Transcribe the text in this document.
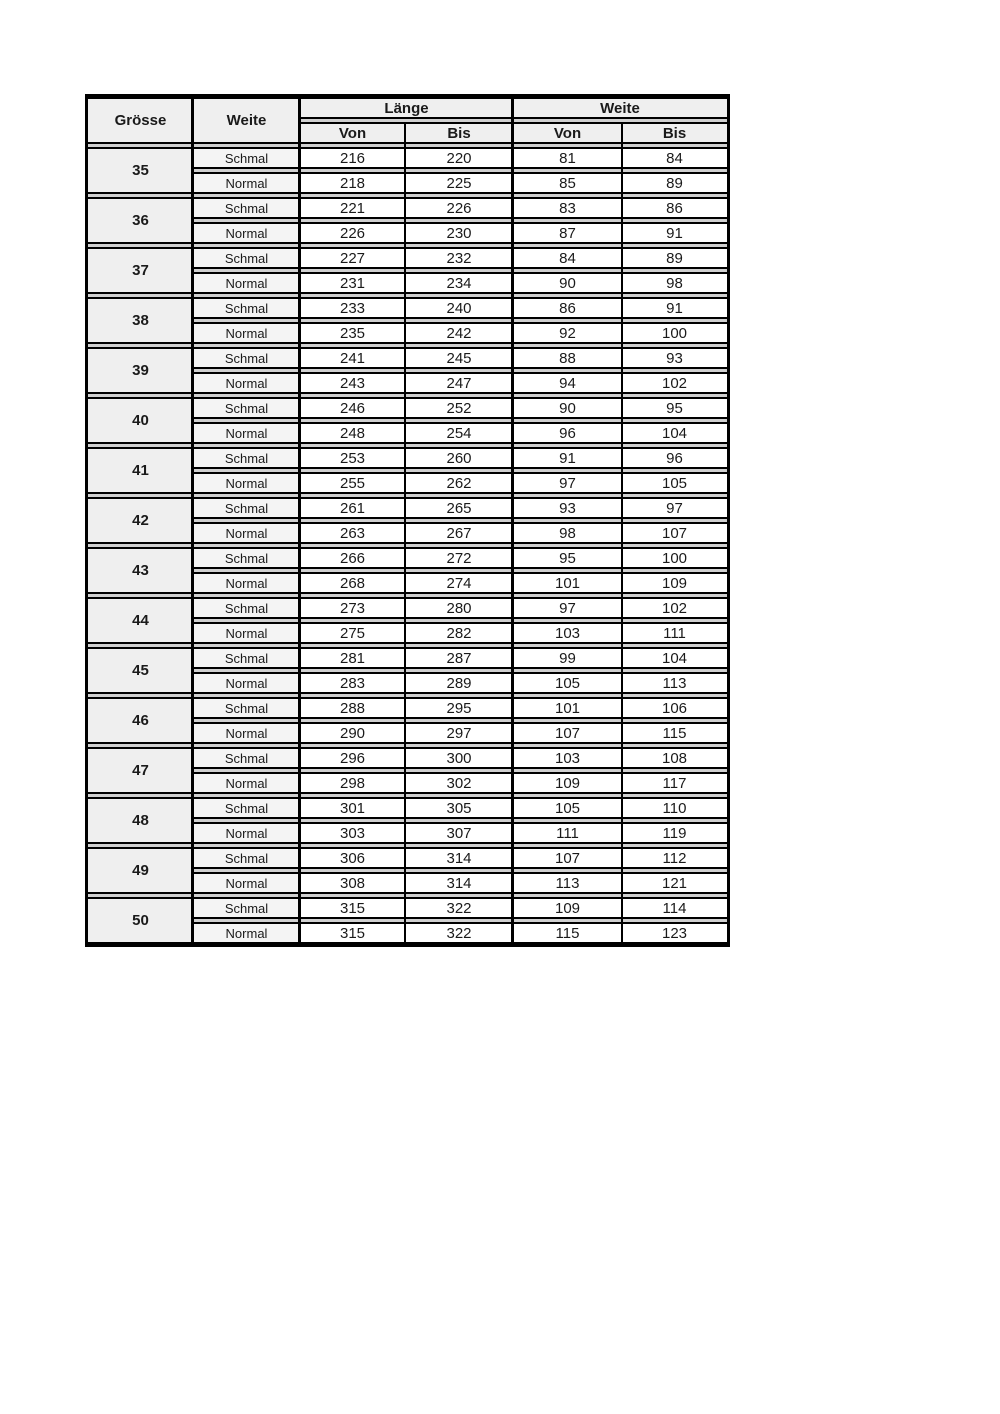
Grösse	Weite
Länge	Weite
Von	Bis	Von	Bis
35
Schmal	216	220	81	84
Normal	218	225	85	89
36
Schmal	221	226	83	86
Normal	226	230	87	91
37
Schmal	227	232	84	89
Normal	231	234	90	98
38
Schmal	233	240	86	91
Normal	235	242	92	100
39
Schmal	241	245	88	93
Normal	243	247	94	102
40
Schmal	246	252	90	95
Normal	248	254	96	104
41
Schmal	253	260	91	96
Normal	255	262	97	105
42
Schmal	261	265	93	97
Normal	263	267	98	107
43
Schmal	266	272	95	100
Normal	268	274	101	109
44
Schmal	273	280	97	102
Normal	275	282	103	111
45
Schmal	281	287	99	104
Normal	283	289	105	113
46
Schmal	288	295	101	106
Normal	290	297	107	115
47
Schmal	296	300	103	108
Normal	298	302	109	117
48
Schmal	301	305	105	110
Normal	303	307	111	119
49
Schmal	306	314	107	112
Normal	308	314	113	121
50
Schmal	315	322	109	114
Normal	315	322	115	123
